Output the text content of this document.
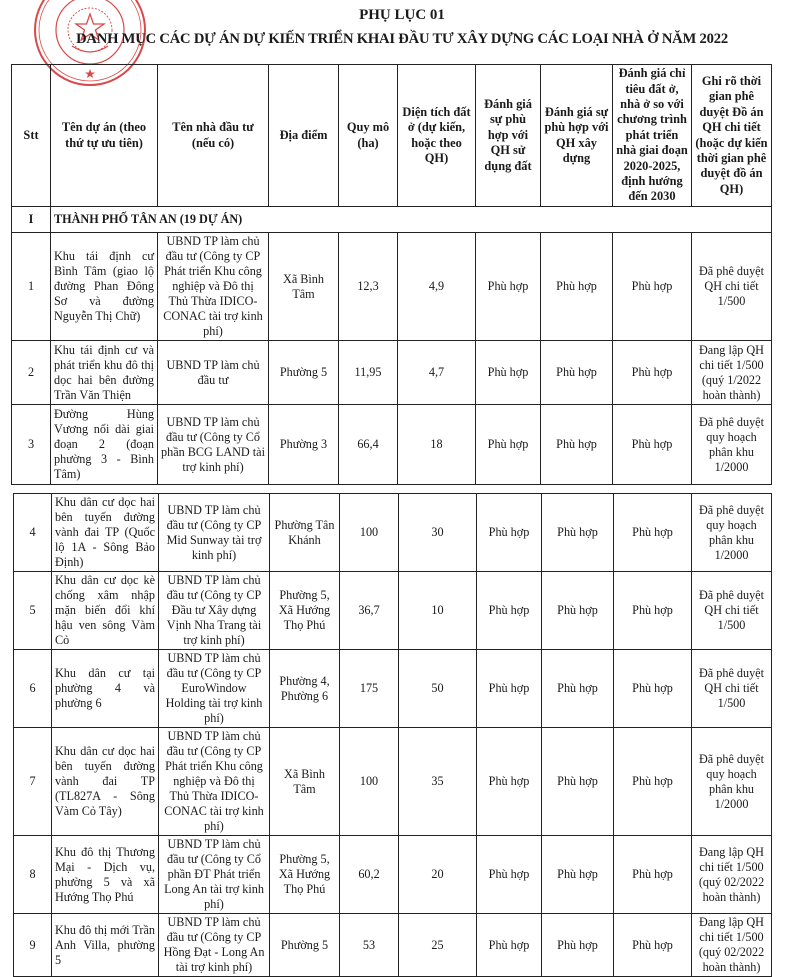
PHỤ LỤC 01
DANH MỤC CÁC DỰ ÁN DỰ KIẾN TRIỂN KHAI ĐẦU TƯ XÂY DỰNG CÁC LOẠI NHÀ Ở NĂM 2022
Stt	Tên dự án (theo thứ tự ưu tiên)	Tên nhà đầu tư (nếu có)	Địa điểm	Quy mô (ha)	Diện tích đất ở (dự kiến, hoặc theo QH)	Đánh giá sự phù hợp với QH sử dụng đất	Đánh giá sự phù hợp với QH xây dựng	Đánh giá chỉ tiêu đất ở, nhà ở so với chương trình phát triển nhà giai đoạn 2020-2025, định hướng đến 2030	Ghi rõ thời gian phê duyệt Đồ án QH chi tiết (hoặc dự kiến thời gian phê duyệt đồ án QH)
I	THÀNH PHỐ TÂN AN (19 DỰ ÁN)								
1	Khu tái định cư Bình Tâm (giao lộ đường Phan Đông Sơ và đường Nguyễn Thị Chữ)	UBND TP làm chủ đầu tư (Công ty CP Phát triển Khu công nghiệp và Đô thị Thủ Thừa IDICO-CONAC tài trợ kinh phí)	Xã Bình Tâm	12,3	4,9	Phù hợp	Phù hợp	Phù hợp	Đã phê duyệt QH chi tiết 1/500
2	Khu tái định cư và phát triển khu đô thị dọc hai bên đường Trần Văn Thiện	UBND TP làm chủ đầu tư	Phường 5	11,95	4,7	Phù hợp	Phù hợp	Phù hợp	Đang lập QH chi tiết 1/500 (quý 1/2022 hoàn thành)
3	Đường Hùng Vương nối dài giai đoạn 2 (đoạn phường 3 - Bình Tâm)	UBND TP làm chủ đầu tư (Công ty Cổ phần BCG LAND tài trợ kinh phí)	Phường 3	66,4	18	Phù hợp	Phù hợp	Phù hợp	Đã phê duyệt quy hoạch phân khu 1/2000
4	Khu dân cư dọc hai bên tuyến đường vành đai TP (Quốc lộ 1A - Sông Bảo Định)	UBND TP làm chủ đầu tư (Công ty CP Mid Sunway tài trợ kinh phí)	Phường Tân Khánh	100	30	Phù hợp	Phù hợp	Phù hợp	Đã phê duyệt quy hoạch phân khu 1/2000
5	Khu dân cư dọc kè chống xâm nhập mặn biến đổi khí hậu ven sông Vàm Cỏ	UBND TP làm chủ đầu tư (Công ty CP Đầu tư Xây dựng Vịnh Nha Trang tài trợ kinh phí)	Phường 5, Xã Hướng Thọ Phú	36,7	10	Phù hợp	Phù hợp	Phù hợp	Đã phê duyệt QH chi tiết 1/500
6	Khu dân cư tại phường 4 và phường 6	UBND TP làm chủ đầu tư (Công ty CP EuroWindow Holding tài trợ kinh phí)	Phường 4, Phường 6	175	50	Phù hợp	Phù hợp	Phù hợp	Đã phê duyệt QH chi tiết 1/500
7	Khu dân cư dọc hai bên tuyến đường vành đai TP (TL827A - Sông Vàm Cỏ Tây)	UBND TP làm chủ đầu tư (Công ty CP Phát triển Khu công nghiệp và Đô thị Thủ Thừa IDICO-CONAC tài trợ kinh phí)	Xã Bình Tâm	100	35	Phù hợp	Phù hợp	Phù hợp	Đã phê duyệt quy hoạch phân khu 1/2000
8	Khu đô thị Thương Mại - Dịch vụ, phường 5 và xã Hướng Thọ Phú	UBND TP làm chủ đầu tư (Công ty Cổ phần ĐT Phát triển Long An tài trợ kinh phí)	Phường 5, Xã Hướng Thọ Phú	60,2	20	Phù hợp	Phù hợp	Phù hợp	Đang lập QH chi tiết 1/500 (quý 02/2022 hoàn thành)
9	Khu đô thị mới Trần Anh Villa, phường 5	UBND TP làm chủ đầu tư (Công ty CP Hồng Đạt - Long An tài trợ kinh phí)	Phường 5	53	25	Phù hợp	Phù hợp	Phù hợp	Đang lập QH chi tiết 1/500 (quý 02/2022 hoàn thành)
